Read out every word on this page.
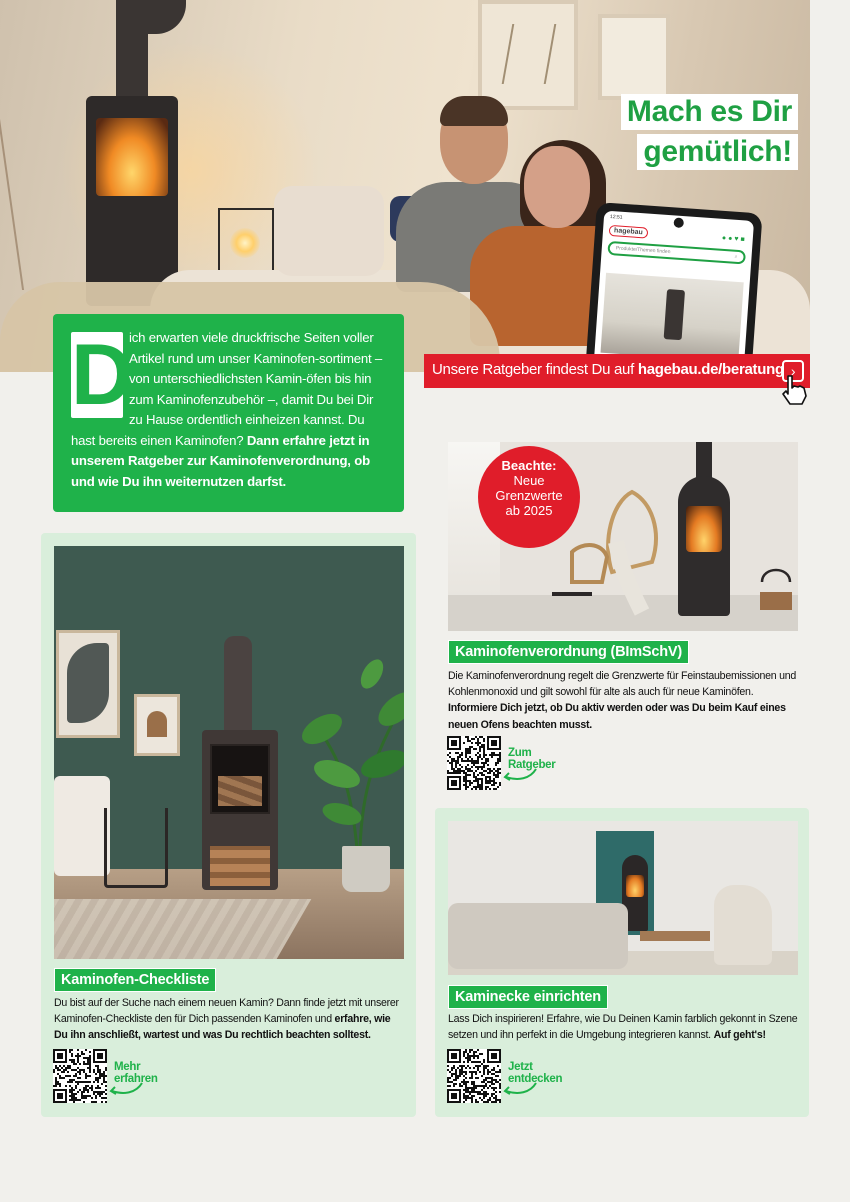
Mach es Dir
gemütlich!
12:51
hagebau
●●♥■
Produkte/Themen finden
⌕
Unsere Ratgeber findest Du auf hagebau.de/beratung ›
D
ich erwarten viele druckfrische Seiten voller Artikel rund um unser Kaminofen-sortiment – von unterschiedlichsten Kamin-öfen bis hin zum Kaminofenzubehör –, damit Du bei Dir zu Hause ordentlich einheizen kannst. Du hast bereits einen Kaminofen? Dann erfahre jetzt in unserem Ratgeber zur Kaminofenverordnung, ob und wie Du ihn weiternutzen darfst.
Kaminofen-Checkliste
Du bist auf der Suche nach einem neuen Kamin? Dann finde jetzt mit unserer Kaminofen-Checkliste den für Dich passenden Kaminofen und erfahre, wie Du ihn anschließt, wartest und was Du rechtlich beachten solltest.
Mehr
erfahren
Beachte:
Neue
Grenzwerte
ab 2025
Kaminofenverordnung (BImSchV)
Die Kaminofenverordnung regelt die Grenzwerte für Feinstaubemissionen und Kohlenmonoxid und gilt sowohl für alte als auch für neue Kaminöfen. Informiere Dich jetzt, ob Du aktiv werden oder was Du beim Kauf eines neuen Ofens beachten musst.
Zum
Ratgeber
Kaminecke einrichten
Lass Dich inspirieren! Erfahre, wie Du Deinen Kamin farblich gekonnt in Szene setzen und ihn perfekt in die Umgebung integrieren kannst. Auf geht's!
Jetzt
entdecken
